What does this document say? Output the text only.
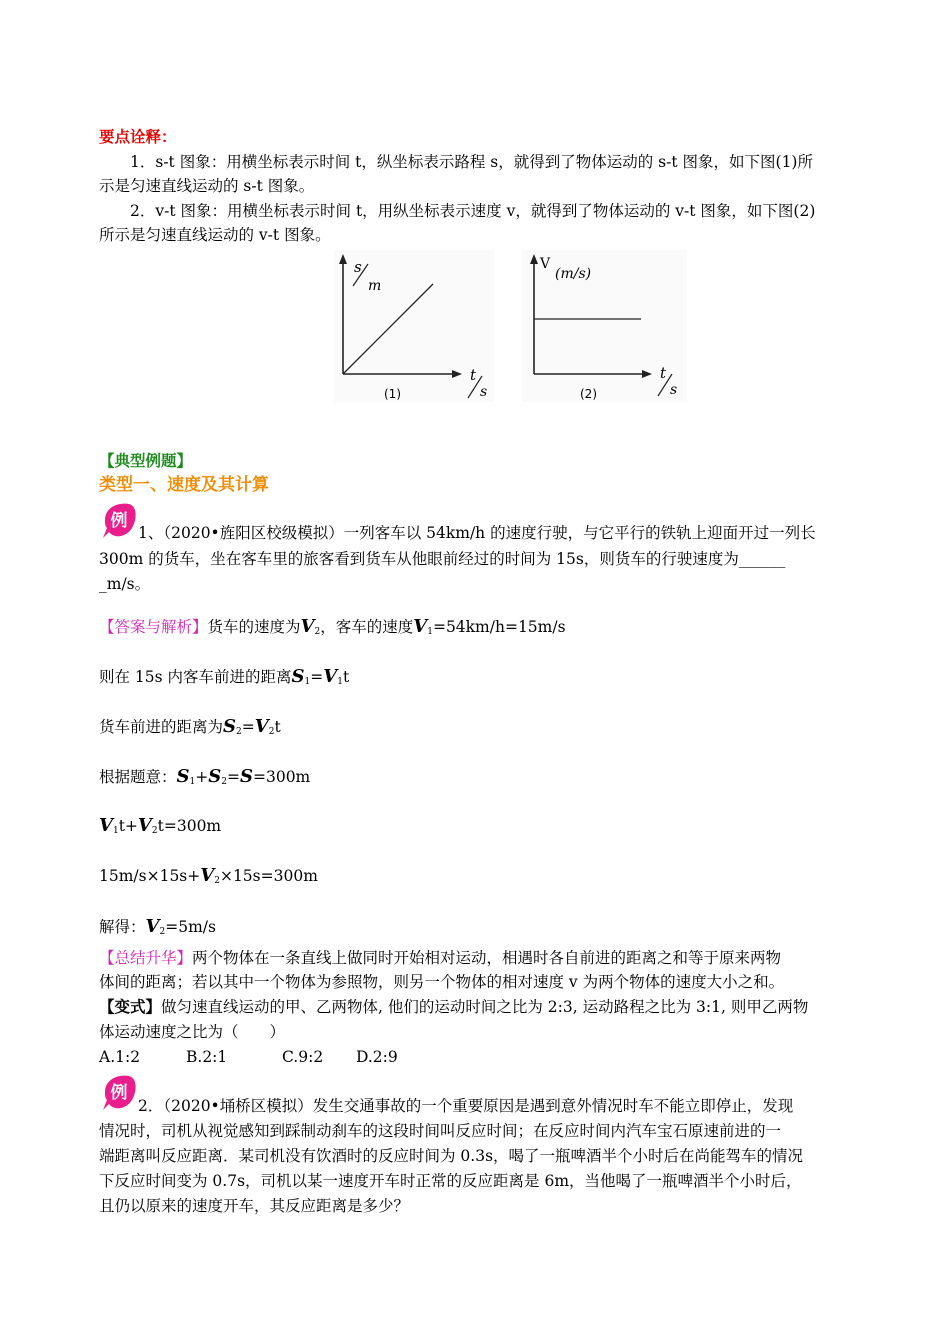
要点诠释：
1．s-t 图象：用横坐标表示时间 t，纵坐标表示路程 s，就得到了物体运动的 s-t 图象，如下图(1)所
示是匀速直线运动的 s-t 图象。
2．v-t 图象：用横坐标表示时间 t，用纵坐标表示速度 v，就得到了物体运动的 v-t 图象，如下图(2)
所示是匀速直线运动的 v-t 图象。
s
m
t
s
(1)
V
(m/s)
t
s
(2)
【典型例题】
类型一、速度及其计算
例
1、（2020•旌阳区校级模拟）一列客车以 54km/h 的速度行驶，与它平行的铁轨上迎面开过一列长
300m 的货车，坐在客车里的旅客看到货车从他眼前经过的时间为 15s，则货车的行驶速度为______
_m/s。
【答案与解析】货车的速度为$V_2$，客车的速度$V_1=54km/h=15m/s$
则在 15s 内客车前进的距离$S_1=V_1t$
货车前进的距离为$S_2=V_2t$
根据题意：$S_1+S_2=S=300m$
$V_1t+V_2t=300m$
$15m/s\times 15s+V_2\times 15s=300m$
解得：$V_2=5m/s$
【总结升华】两个物体在一条直线上做同时开始相对运动，相遇时各自前进的距离之和等于原来两物
体间的距离；若以其中一个物体为参照物，则另一个物体的相对速度 v 为两个物体的速度大小之和。
【变式】做匀速直线运动的甲、乙两物体, 他们的运动时间之比为 2:3, 运动路程之比为 3:1, 则甲乙两物
体运动速度之比为（　　）
A.1:2	B.2:1	C.9:2 D.2:9
例
2．（2020•埇桥区模拟）发生交通事故的一个重要原因是遇到意外情况时车不能立即停止，发现
情况时，司机从视觉感知到踩制动刹车的这段时间叫反应时间；在反应时间内汽车宝石原速前进的一
端距离叫反应距离．某司机没有饮酒时的反应时间为 0.3s，喝了一瓶啤酒半个小时后在尚能驾车的情况
下反应时间变为 0.7s，司机以某一速度开车时正常的反应距离是 6m，当他喝了一瓶啤酒半个小时后，
且仍以原来的速度开车，其反应距离是多少？
